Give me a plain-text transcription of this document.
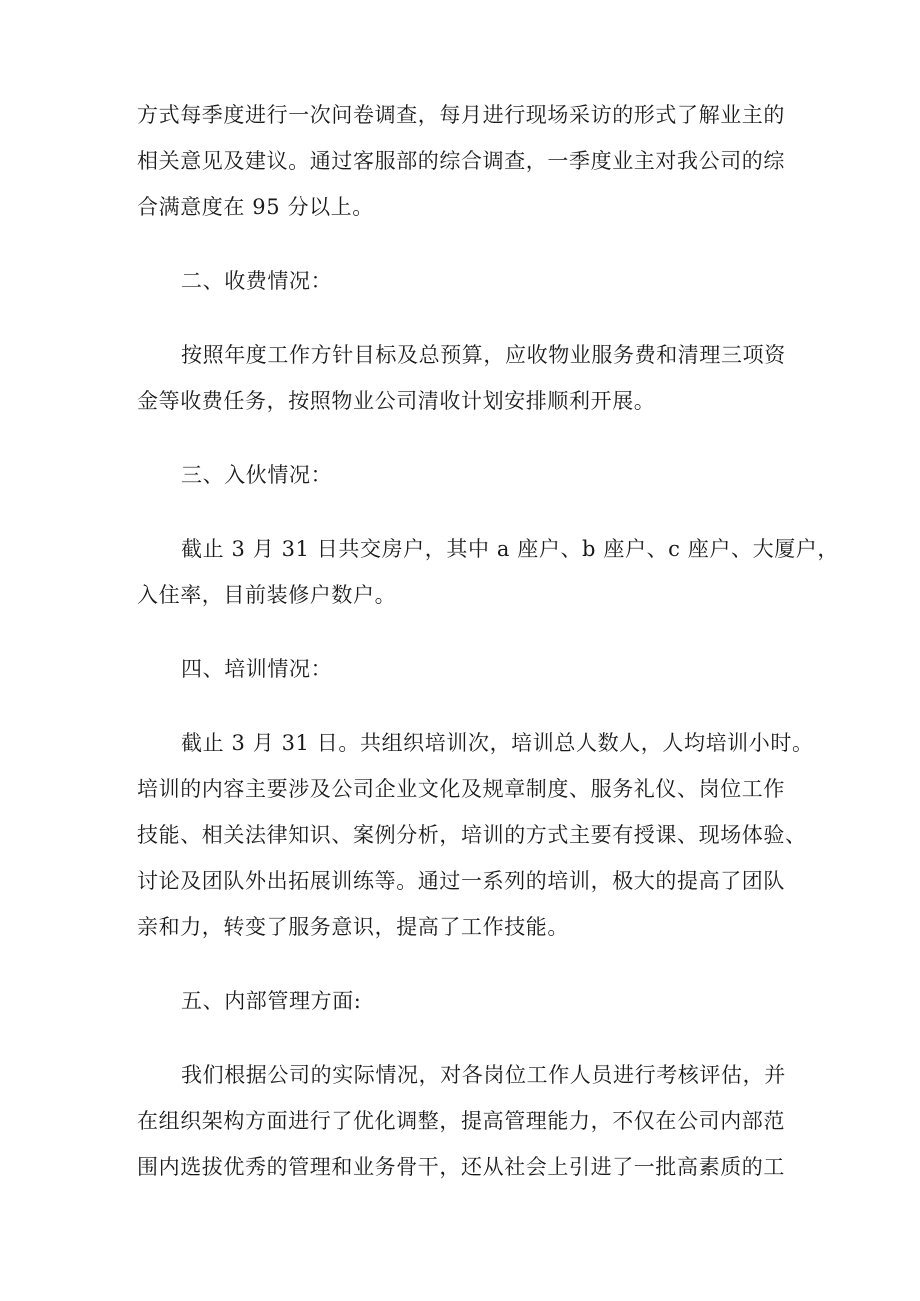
方式每季度进行一次问卷调查，每月进行现场采访的形式了解业主的
相关意见及建议。通过客服部的综合调查，一季度业主对我公司的综
合满意度在 95 分以上。

二、收费情况：

按照年度工作方针目标及总预算，应收物业服务费和清理三项资
金等收费任务，按照物业公司清收计划安排顺利开展。

三、入伙情况：

截止 3 月 31 日共交房户，其中 a 座户、b 座户、c 座户、大厦户，
入住率，目前装修户数户。

四、培训情况：

截止 3 月 31 日。共组织培训次，培训总人数人，人均培训小时。
培训的内容主要涉及公司企业文化及规章制度、服务礼仪、岗位工作
技能、相关法律知识、案例分析，培训的方式主要有授课、现场体验、
讨论及团队外出拓展训练等。通过一系列的培训，极大的提高了团队
亲和力，转变了服务意识，提高了工作技能。

五、内部管理方面:

我们根据公司的实际情况，对各岗位工作人员进行考核评估，并
在组织架构方面进行了优化调整，提高管理能力，不仅在公司内部范
围内选拔优秀的管理和业务骨干，还从社会上引进了一批高素质的工
